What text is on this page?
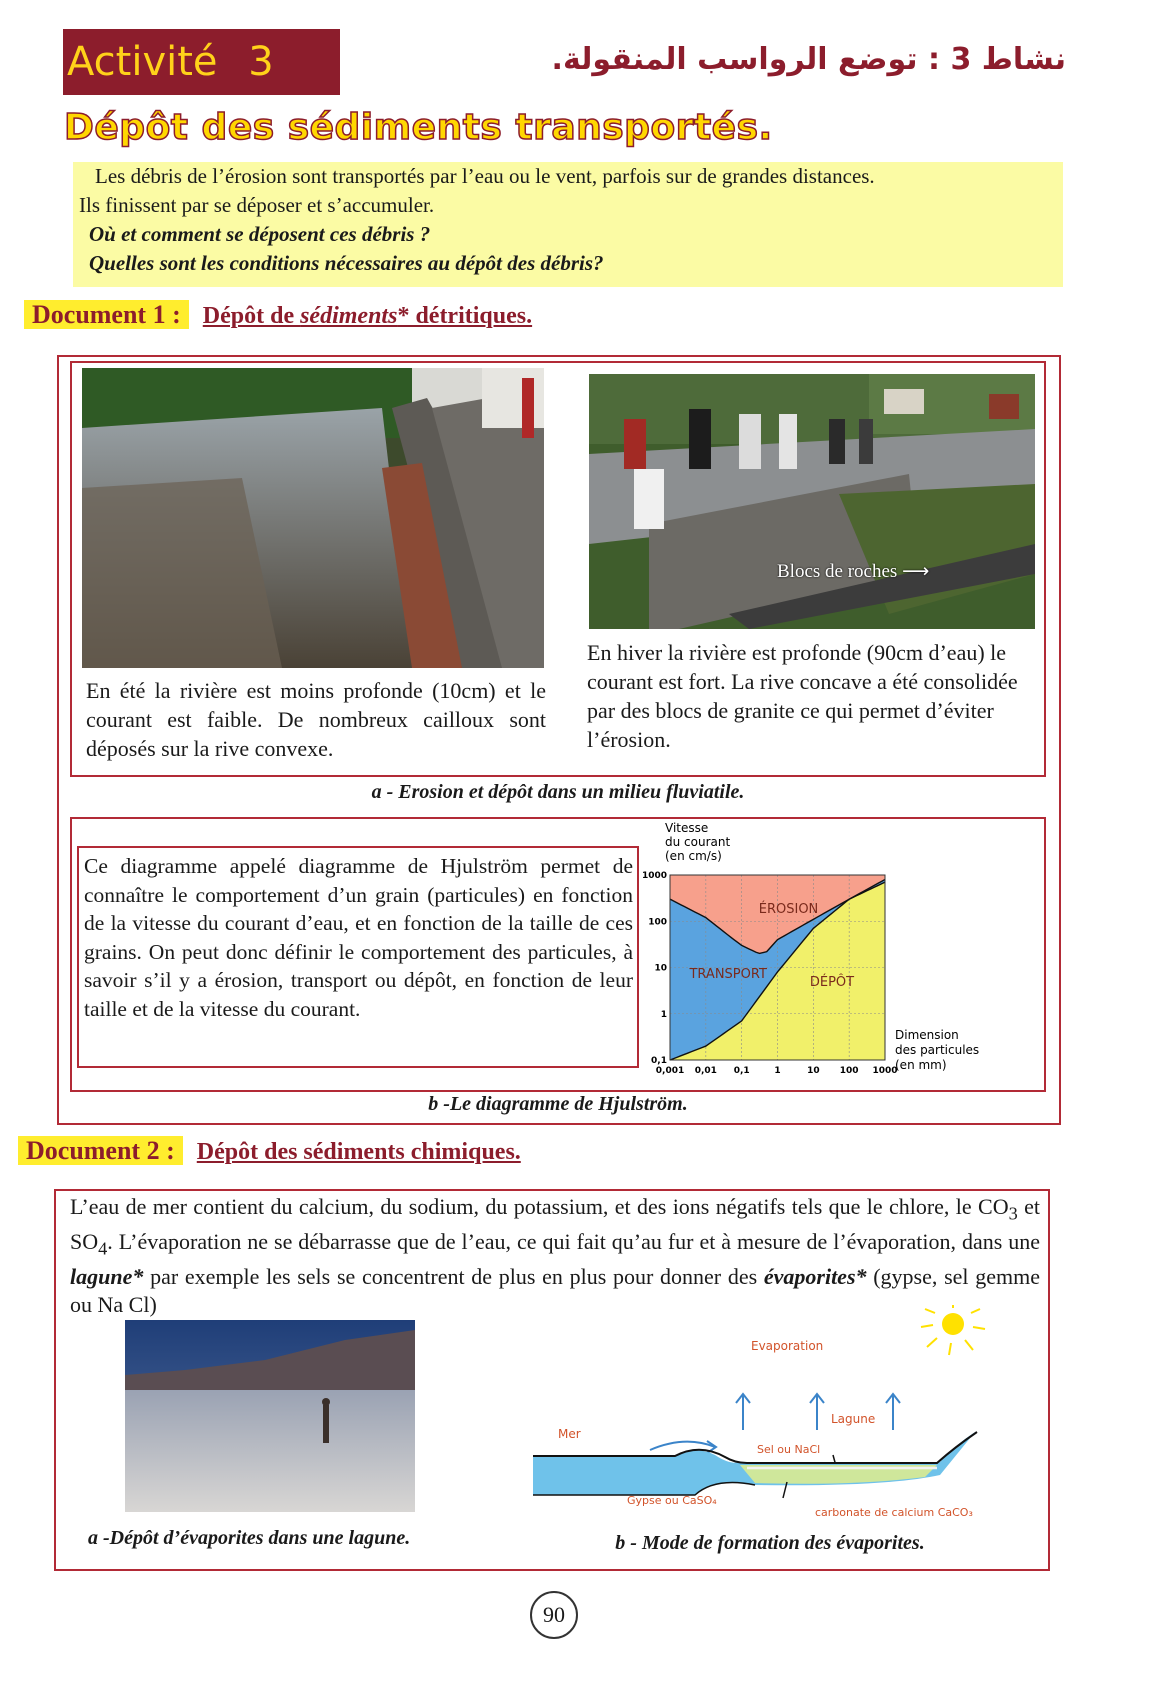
Activité 3	نشاط 3 : توضع الرواسب المنقولة.
Dépôt des sédiments transportés.

Les débris de l’érosion sont transportés par l’eau ou le vent, parfois sur de grandes distances.

Ils finissent par se déposer et s’accumuler.

Où et comment se déposent ces débris ?

Quelles sont les conditions nécessaires au dépôt des débris?

Document 1 : Dépôt de sédiments* détritiques.
En été la rivière est moins profonde (10cm) et le courant est faible. De nombreux cailloux sont déposés sur la rive convexe.
Blocs de roches ⟶
En hiver la rivière est profonde (90cm d’eau) le courant est fort. La rive concave a été consolidée par des blocs de granite ce qui permet d’éviter l’érosion.
a - Erosion et dépôt dans un milieu fluviatile.
Ce diagramme appelé diagramme de Hjulström permet de connaître le comportement d’un grain (particules) en fonction de la vitesse du courant d’eau, et en fonction de la taille de ces grains. On peut donc définir le comportement des particules, à savoir s’il y a érosion, transport ou dépôt, en fonction de leur taille et de la vitesse du courant.
0,001 0,01 0,1	1	10 100 1000
0,1
1
10
100
1000
ÉROSION
TRANSPORT
DÉPÔT
Vitesse
du courant
(en cm/s)
Dimension
des particules
(en mm)
b -Le diagramme de Hjulström.
Document 2 : Dépôt des sédiments chimiques.
L’eau de mer contient du calcium, du sodium, du potassium, et des ions négatifs tels que le chlore, le $CO_3$ et $SO_4$. L’évaporation ne se débarrasse que de l’eau, ce qui fait qu’au fur et à mesure de l’évaporation, dans une lagune* par exemple les sels se concentrent de plus en plus pour donner des évaporites* (gypse, sel gemme ou Na Cl)
a -Dépôt d’évaporites dans une lagune.
Evaporation
Lagune
Mer
Sel ou NaCl
Gypse ou CaSO₄
carbonate de calcium CaCO₃
b - Mode de formation des évaporites.
90
